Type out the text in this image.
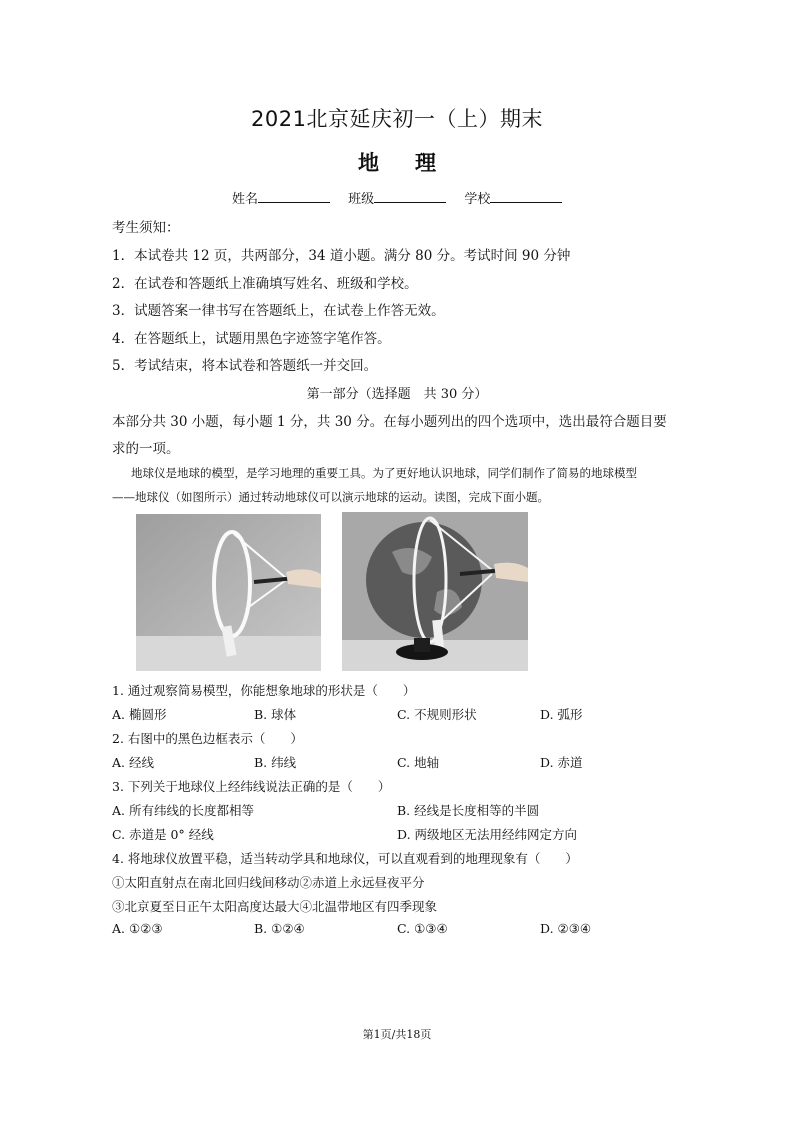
2021北京延庆初一（上）期末
地 理
姓名	班级	学校
考生须知：
1．本试卷共 12 页，共两部分，34 道小题。满分 80 分。考试时间 90 分钟
2．在试卷和答题纸上准确填写姓名、班级和学校。
3．试题答案一律书写在答题纸上，在试卷上作答无效。
4．在答题纸上，试题用黑色字迹签字笔作答。
5．考试结束，将本试卷和答题纸一并交回。
第一部分（选择题　共 30 分）
本部分共 30 小题，每小题 1 分，共 30 分。在每小题列出的四个选项中，选出最符合题目要
求的一项。
地球仪是地球的模型，是学习地理的重要工具。为了更好地认识地球，同学们制作了简易的地球模型
——地球仪（如图所示）通过转动地球仪可以演示地球的运动。读图，完成下面小题。
1. 通过观察简易模型，你能想象地球的形状是（　　）
A. 椭圆形	B. 球体	C. 不规则形状	D. 弧形
2. 右图中的黑色边框表示（　　）
A. 经线	B. 纬线	C. 地轴	D. 赤道
3. 下列关于地球仪上经纬线说法正确的是（　　）
A. 所有纬线的长度都相等	B. 经线是长度相等的半圆
C. 赤道是 0° 经线	D. 两级地区无法用经纬网定方向
4. 将地球仪放置平稳，适当转动学具和地球仪，可以直观看到的地理现象有（　　）
①太阳直射点在南北回归线间移动②赤道上永远昼夜平分
③北京夏至日正午太阳高度达最大④北温带地区有四季现象
A. ①②③	B. ①②④	C. ①③④	D. ②③④
第1页/共18页
